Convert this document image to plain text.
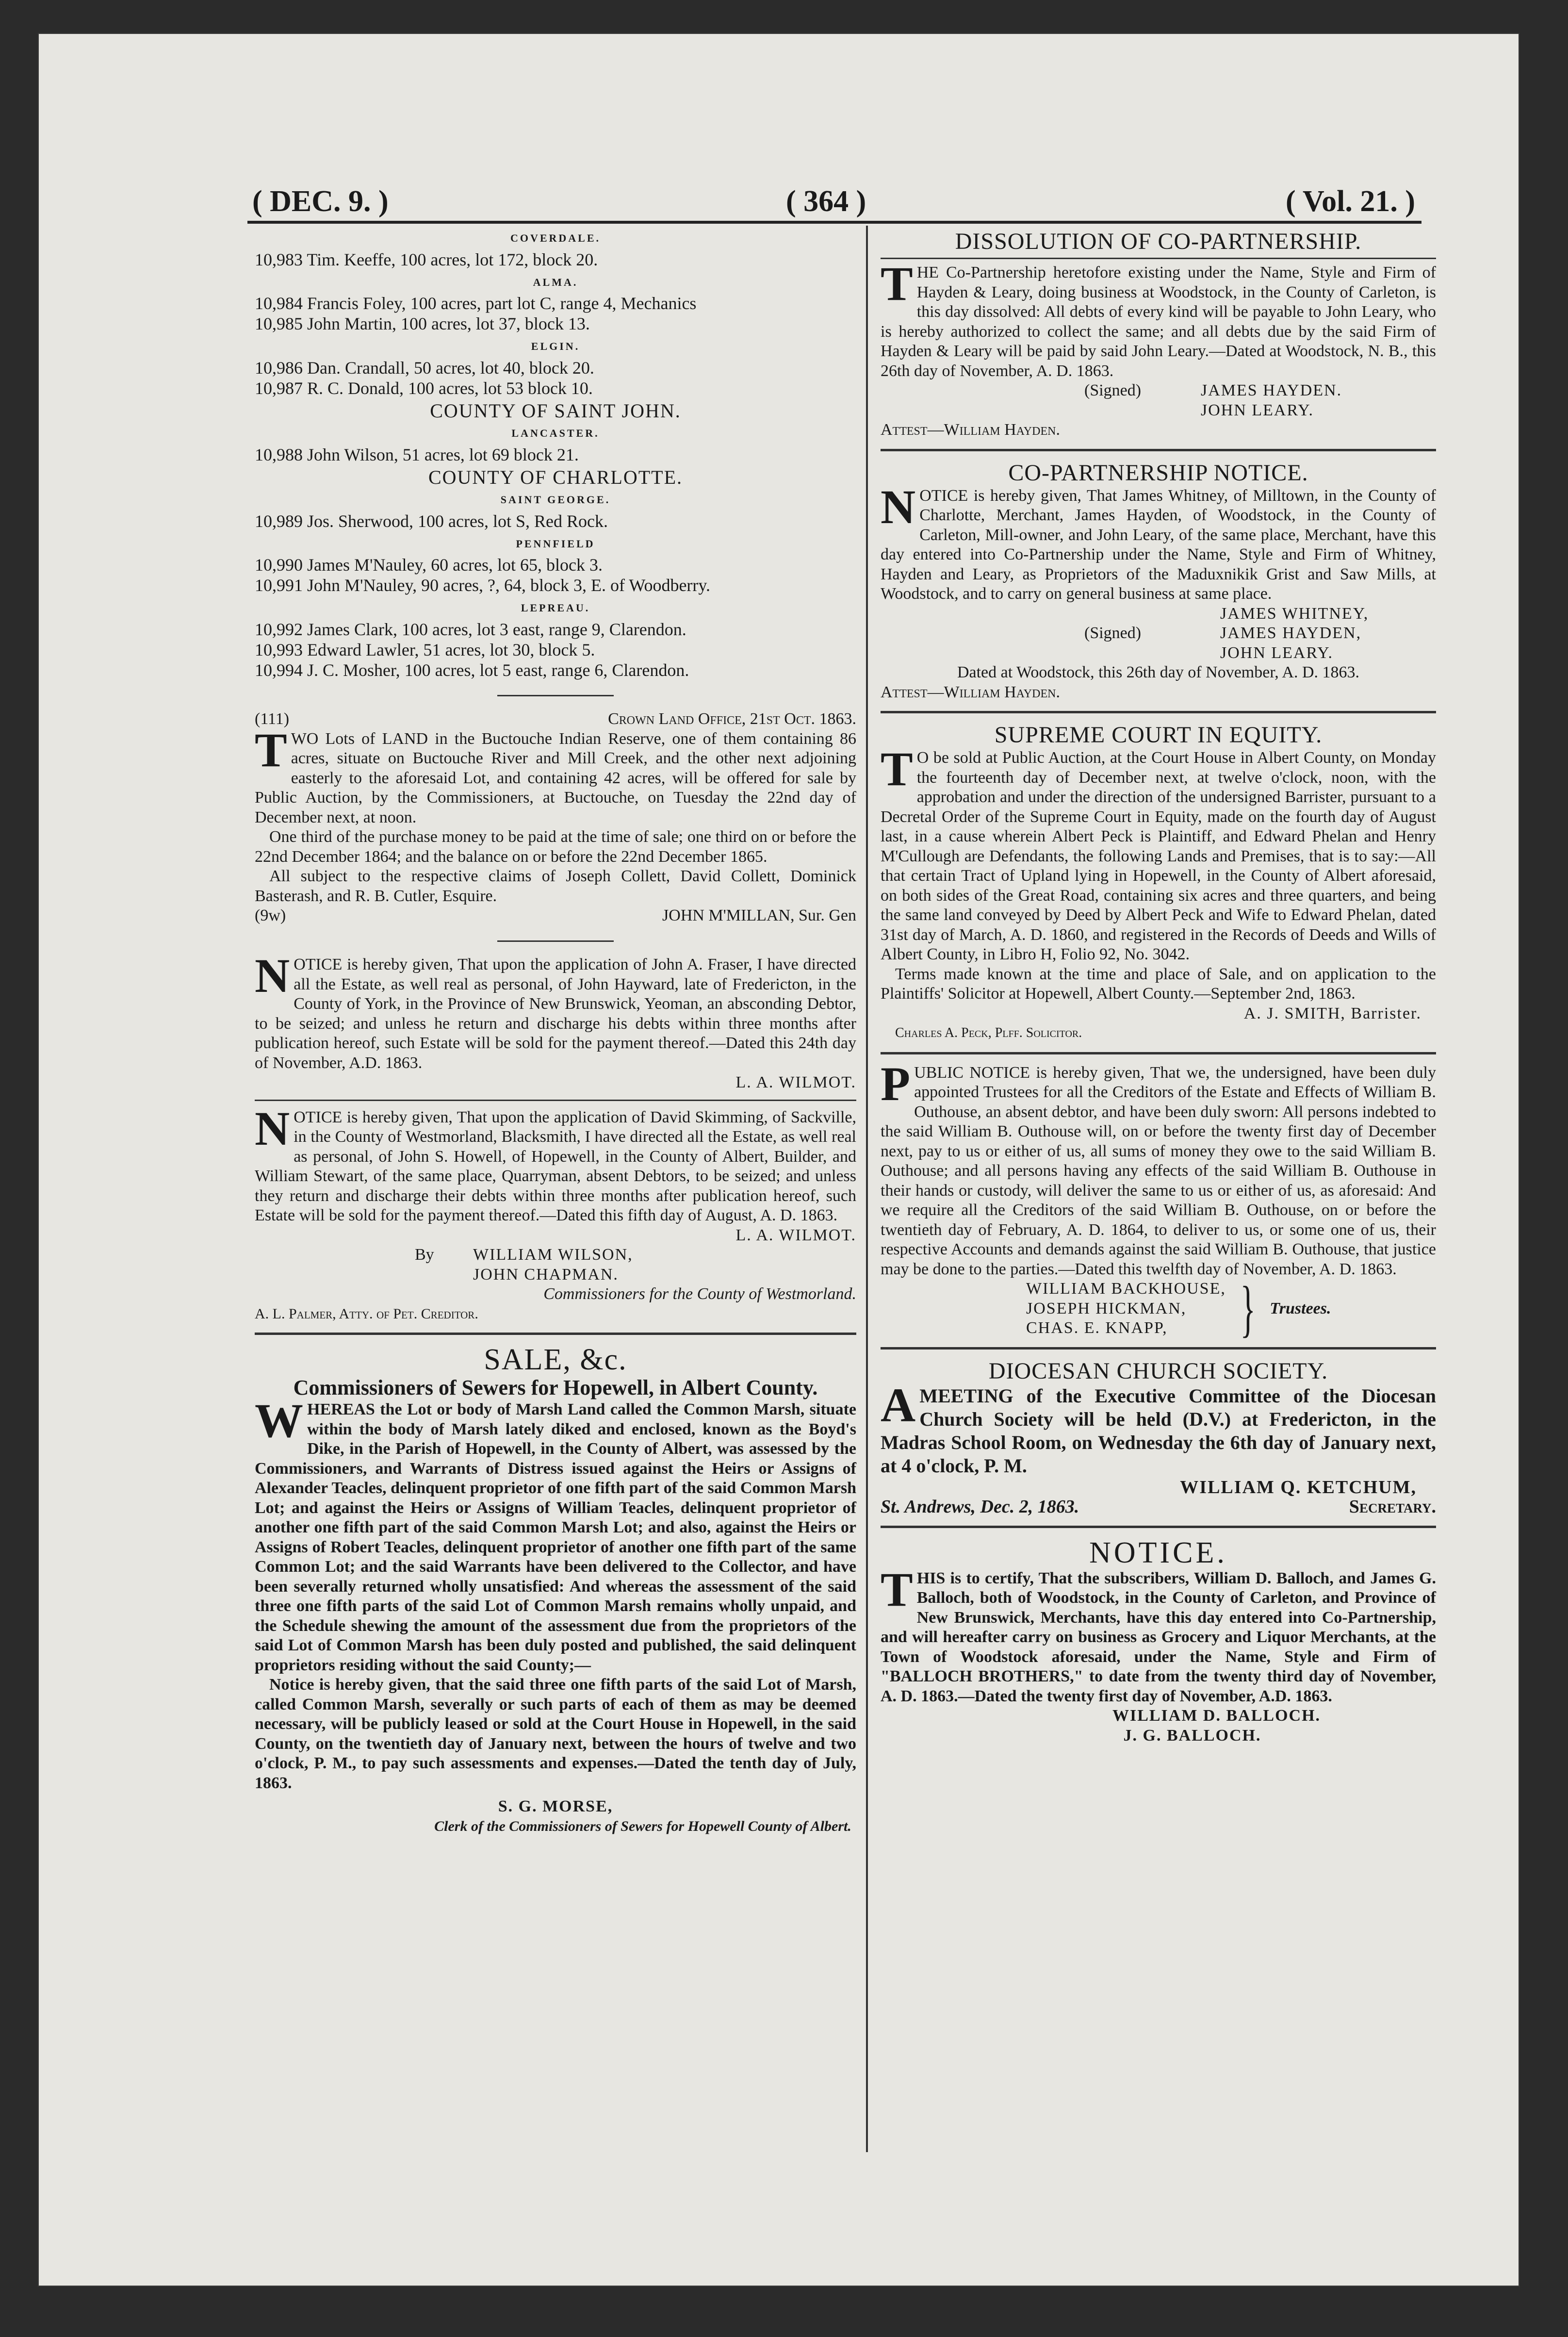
( DEC. 9. )	( 364 )	( Vol. 21. )
COVERDALE.
10,983 Tim. Keeffe, 100 acres, lot 172, block 20.
ALMA.
10,984 Francis Foley, 100 acres, part lot C, range 4, Mechanics
10,985 John Martin, 100 acres, lot 37, block 13.
ELGIN.
10,986 Dan. Crandall, 50 acres, lot 40, block 20.
10,987 R. C. Donald, 100 acres, lot 53 block 10.
COUNTY OF SAINT JOHN.
LANCASTER.
10,988 John Wilson, 51 acres, lot 69 block 21.
COUNTY OF CHARLOTTE.
SAINT GEORGE.
10,989 Jos. Sherwood, 100 acres, lot S, Red Rock.
PENNFIELD
10,990 James M'Nauley, 60 acres, lot 65, block 3.
10,991 John M'Nauley, 90 acres, ?, 64, block 3, E. of Woodberry.
LEPREAU.
10,992 James Clark, 100 acres, lot 3 east, range 9, Clarendon.
10,993 Edward Lawler, 51 acres, lot 30, block 5.
10,994 J. C. Mosher, 100 acres, lot 5 east, range 6, Clarendon.
(111)	Crown Land Office, 21st Oct. 1863.

TWO Lots of LAND in the Buctouche Indian Reserve, one of them containing 86 acres, situate on Buctouche River and Mill Creek, and the other next adjoining easterly to the aforesaid Lot, and containing 42 acres, will be offered for sale by Public Auction, by the Commissioners, at Buctouche, on Tuesday the 22nd day of December next, at noon.

One third of the purchase money to be paid at the time of sale; one third on or before the 22nd December 1864; and the balance on or before the 22nd December 1865.

All subject to the respective claims of Joseph Collett, David Collett, Dominick Basterash, and R. B. Cutler, Esquire.

(9w)	JOHN M'MILLAN, Sur. Gen

NOTICE is hereby given, That upon the application of John A. Fraser, I have directed all the Estate, as well real as personal, of John Hayward, late of Fredericton, in the County of York, in the Province of New Brunswick, Yeoman, an absconding Debtor, to be seized; and unless he return and discharge his debts within three months after publication hereof, such Estate will be sold for the payment thereof.—Dated this 24th day of November, A.D. 1863.

L. A. WILMOT.

NOTICE is hereby given, That upon the application of David Skimming, of Sackville, in the County of Westmorland, Blacksmith, I have directed all the Estate, as well real as personal, of John S. Howell, of Hopewell, in the County of Albert, Builder, and William Stewart, of the same place, Quarryman, absent Debtors, to be seized; and unless they return and discharge their debts within three months after publication hereof, such Estate will be sold for the payment thereof.—Dated this fifth day of August, A. D. 1863.

L. A. WILMOT.
By	WILLIAM WILSON,
JOHN CHAPMAN.
Commissioners for the County of Westmorland.
A. L. Palmer, Atty. of Pet. Creditor.
SALE, &c.
Commissioners of Sewers for Hopewell, in Albert County.

WHEREAS the Lot or body of Marsh Land called the Common Marsh, situate within the body of Marsh lately diked and enclosed, known as the Boyd's Dike, in the Parish of Hopewell, in the County of Albert, was assessed by the Commissioners, and Warrants of Distress issued against the Heirs or Assigns of Alexander Teacles, delinquent proprietor of one fifth part of the said Common Marsh Lot; and against the Heirs or Assigns of William Teacles, delinquent proprietor of another one fifth part of the said Common Marsh Lot; and also, against the Heirs or Assigns of Robert Teacles, delinquent proprietor of another one fifth part of the same Common Lot; and the said Warrants have been delivered to the Collector, and have been severally returned wholly unsatisfied: And whereas the assessment of the said three one fifth parts of the said Lot of Common Marsh remains wholly unpaid, and the Schedule shewing the amount of the assessment due from the proprietors of the said Lot of Common Marsh has been duly posted and published, the said delinquent proprietors residing without the said County;—

Notice is hereby given, that the said three one fifth parts of the said Lot of Marsh, called Common Marsh, severally or such parts of each of them as may be deemed necessary, will be publicly leased or sold at the Court House in Hopewell, in the said County, on the twentieth day of January next, between the hours of twelve and two o'clock, P. M., to pay such assessments and expenses.—Dated the tenth day of July, 1863.

S. G. MORSE,
Clerk of the Commissioners of Sewers for Hopewell County of Albert.
DISSOLUTION OF CO-PARTNERSHIP.

THE Co-Partnership heretofore existing under the Name, Style and Firm of Hayden & Leary, doing business at Woodstock, in the County of Carleton, is this day dissolved: All debts of every kind will be payable to John Leary, who is hereby authorized to collect the same; and all debts due by the said Firm of Hayden & Leary will be paid by said John Leary.—Dated at Woodstock, N. B., this 26th day of November, A. D. 1863.

(Signed)	JAMES HAYDEN.
JOHN LEARY.
Attest—William Hayden.
CO-PARTNERSHIP NOTICE.

NOTICE is hereby given, That James Whitney, of Milltown, in the County of Charlotte, Merchant, James Hayden, of Woodstock, in the County of Carleton, Mill-owner, and John Leary, of the same place, Merchant, have this day entered into Co-Partnership under the Name, Style and Firm of Whitney, Hayden and Leary, as Proprietors of the Maduxnikik Grist and Saw Mills, at Woodstock, and to carry on general business at same place.

JAMES WHITNEY,
(Signed)	JAMES HAYDEN,
JOHN LEARY.
Dated at Woodstock, this 26th day of November, A. D. 1863.
Attest—William Hayden.
SUPREME COURT IN EQUITY.

TO be sold at Public Auction, at the Court House in Albert County, on Monday the fourteenth day of December next, at twelve o'clock, noon, with the approbation and under the direction of the undersigned Barrister, pursuant to a Decretal Order of the Supreme Court in Equity, made on the fourth day of August last, in a cause wherein Albert Peck is Plaintiff, and Edward Phelan and Henry M'Cullough are Defendants, the following Lands and Premises, that is to say:—All that certain Tract of Upland lying in Hopewell, in the County of Albert aforesaid, on both sides of the Great Road, containing six acres and three quarters, and being the same land conveyed by Deed by Albert Peck and Wife to Edward Phelan, dated 31st day of March, A. D. 1860, and registered in the Records of Deeds and Wills of Albert County, in Libro H, Folio 92, No. 3042.

Terms made known at the time and place of Sale, and on application to the Plaintiffs' Solicitor at Hopewell, Albert County.—September 2nd, 1863.

A. J. SMITH, Barrister.
Charles A. Peck, Plff. Solicitor.

PUBLIC NOTICE is hereby given, That we, the undersigned, have been duly appointed Trustees for all the Creditors of the Estate and Effects of William B. Outhouse, an absent debtor, and have been duly sworn: All persons indebted to the said William B. Outhouse will, on or before the twenty first day of December next, pay to us or either of us, all sums of money they owe to the said William B. Outhouse; and all persons having any effects of the said William B. Outhouse in their hands or custody, will deliver the same to us or either of us, as aforesaid: And we require all the Creditors of the said William B. Outhouse, on or before the twentieth day of February, A. D. 1864, to deliver to us, or some one of us, their respective Accounts and demands against the said William B. Outhouse, that justice may be done to the parties.—Dated this twelfth day of November, A. D. 1863.

WILLIAM BACKHOUSE,
JOSEPH HICKMAN,
CHAS. E. KNAPP,	} Trustees.
DIOCESAN CHURCH SOCIETY.

AMEETING of the Executive Committee of the Diocesan Church Society will be held (D.V.) at Fredericton, in the Madras School Room, on Wednesday the 6th day of January next, at 4 o'clock, P. M.

WILLIAM Q. KETCHUM,
St. Andrews, Dec. 2, 1863.	Secretary.
NOTICE.

THIS is to certify, That the subscribers, William D. Balloch, and James G. Balloch, both of Woodstock, in the County of Carleton, and Province of New Brunswick, Merchants, have this day entered into Co-Partnership, and will hereafter carry on business as Grocery and Liquor Merchants, at the Town of Woodstock aforesaid, under the Name, Style and Firm of "BALLOCH BROTHERS," to date from the twenty third day of November, A. D. 1863.—Dated the twenty first day of November, A.D. 1863.

WILLIAM D. BALLOCH.
J. G. BALLOCH.
